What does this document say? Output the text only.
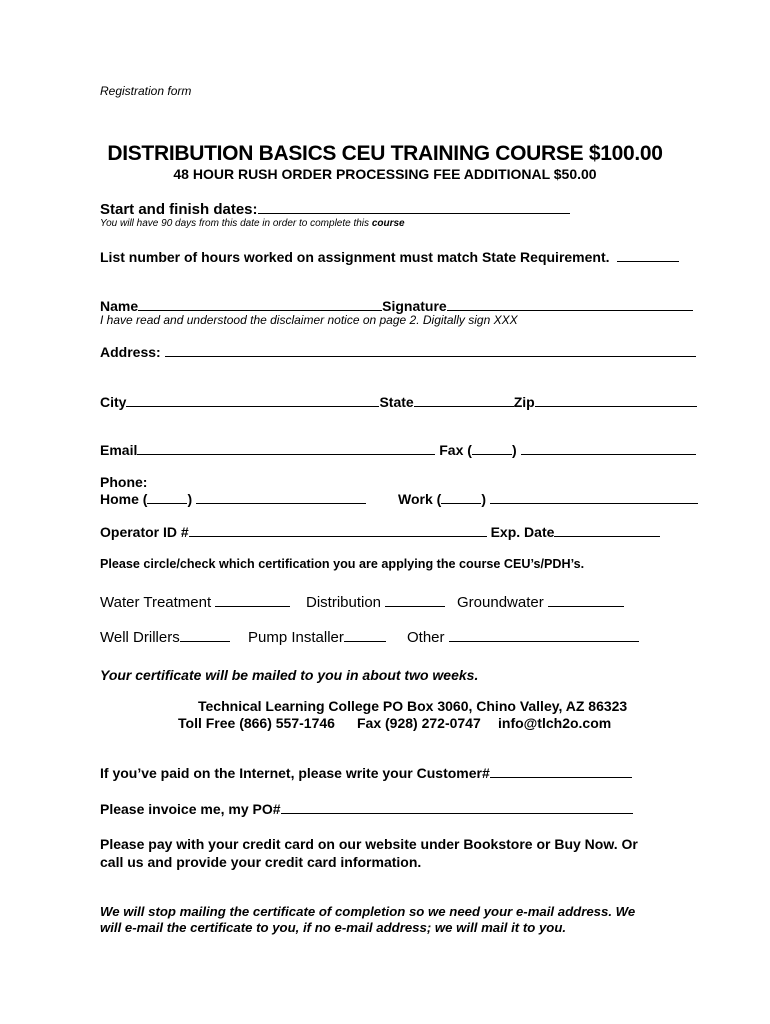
Registration form
DISTRIBUTION BASICS CEU TRAINING COURSE $100.00
48 HOUR RUSH ORDER PROCESSING FEE ADDITIONAL $50.00
Start and finish dates:
You will have 90 days from this date in order to complete this course
List number of hours worked on assignment must match State Requirement.
Name	Signature
I have read and understood the disclaimer notice on page 2. Digitally sign XXX
Address:
City	State	Zip
Email	Fax (	)
Phone:
Home (	)	Work (	)
Operator ID #	Exp. Date
Please circle/check which certification you are applying the course CEU’s/PDH’s.
Water Treatment	Distribution	Groundwater
Well Drillers	Pump Installer	Other
Your certificate will be mailed to you in about two weeks.
Technical Learning College PO Box 3060, Chino Valley, AZ 86323
Toll Free (866) 557-1746 Fax (928) 272-0747 info@tlch2o.com
If you’ve paid on the Internet, please write your Customer#
Please invoice me, my PO#
Please pay with your credit card on our website under Bookstore or Buy Now. Or
call us and provide your credit card information.
We will stop mailing the certificate of completion so we need your e-mail address. We
will e-mail the certificate to you, if no e-mail address; we will mail it to you.
